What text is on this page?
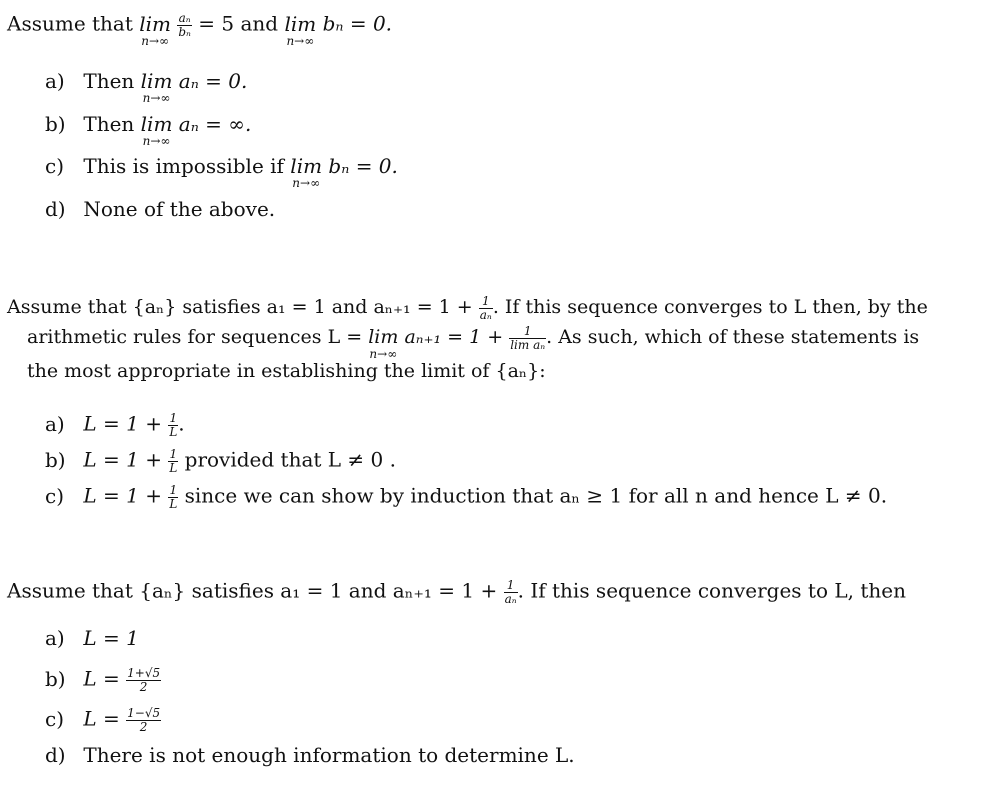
Assume that lim
n→∞

$\frac{\text{aₙ}}{\text{bₙ}} = 5$ and lim
n→∞
bₙ = 0.
a) Then lim
n→∞
aₙ = 0.
b) Then lim
n→∞
aₙ = ∞.
c) This is impossible if lim
n→∞
bₙ = 0.
d) None of the above.
Assume that {aₙ} satisfies a₁ = 1 and $a_{n+1} = 1 + \frac{1}{\text{aₙ}}$ . If this sequence converges to L then, by the
arithmetic rules for sequences L = lim
n→∞
$a_{n+1} = 1 + \frac{1}{\text{lim aₙ}}$ . As such, which of these statements is
the most appropriate in establishing the limit of {aₙ}:
a) $L = 1 + \frac{1}{L}$ .
b) $L = 1 + \frac{1}{L}$ provided that L ≠ 0 .
c) $L = 1 + \frac{1}{L}$ since we can show by induction that aₙ ≥ 1 for all n and hence L ≠ 0.
Assume that {aₙ} satisfies a₁ = 1 and $a_{n+1} = 1 + \frac{1}{\text{aₙ}}$ . If this sequence converges to L, then
a) L = 1
b) $L = \frac{1+√5}{2}$
c) $L = \frac{1-√5}{2}$
d) There is not enough information to determine L.
